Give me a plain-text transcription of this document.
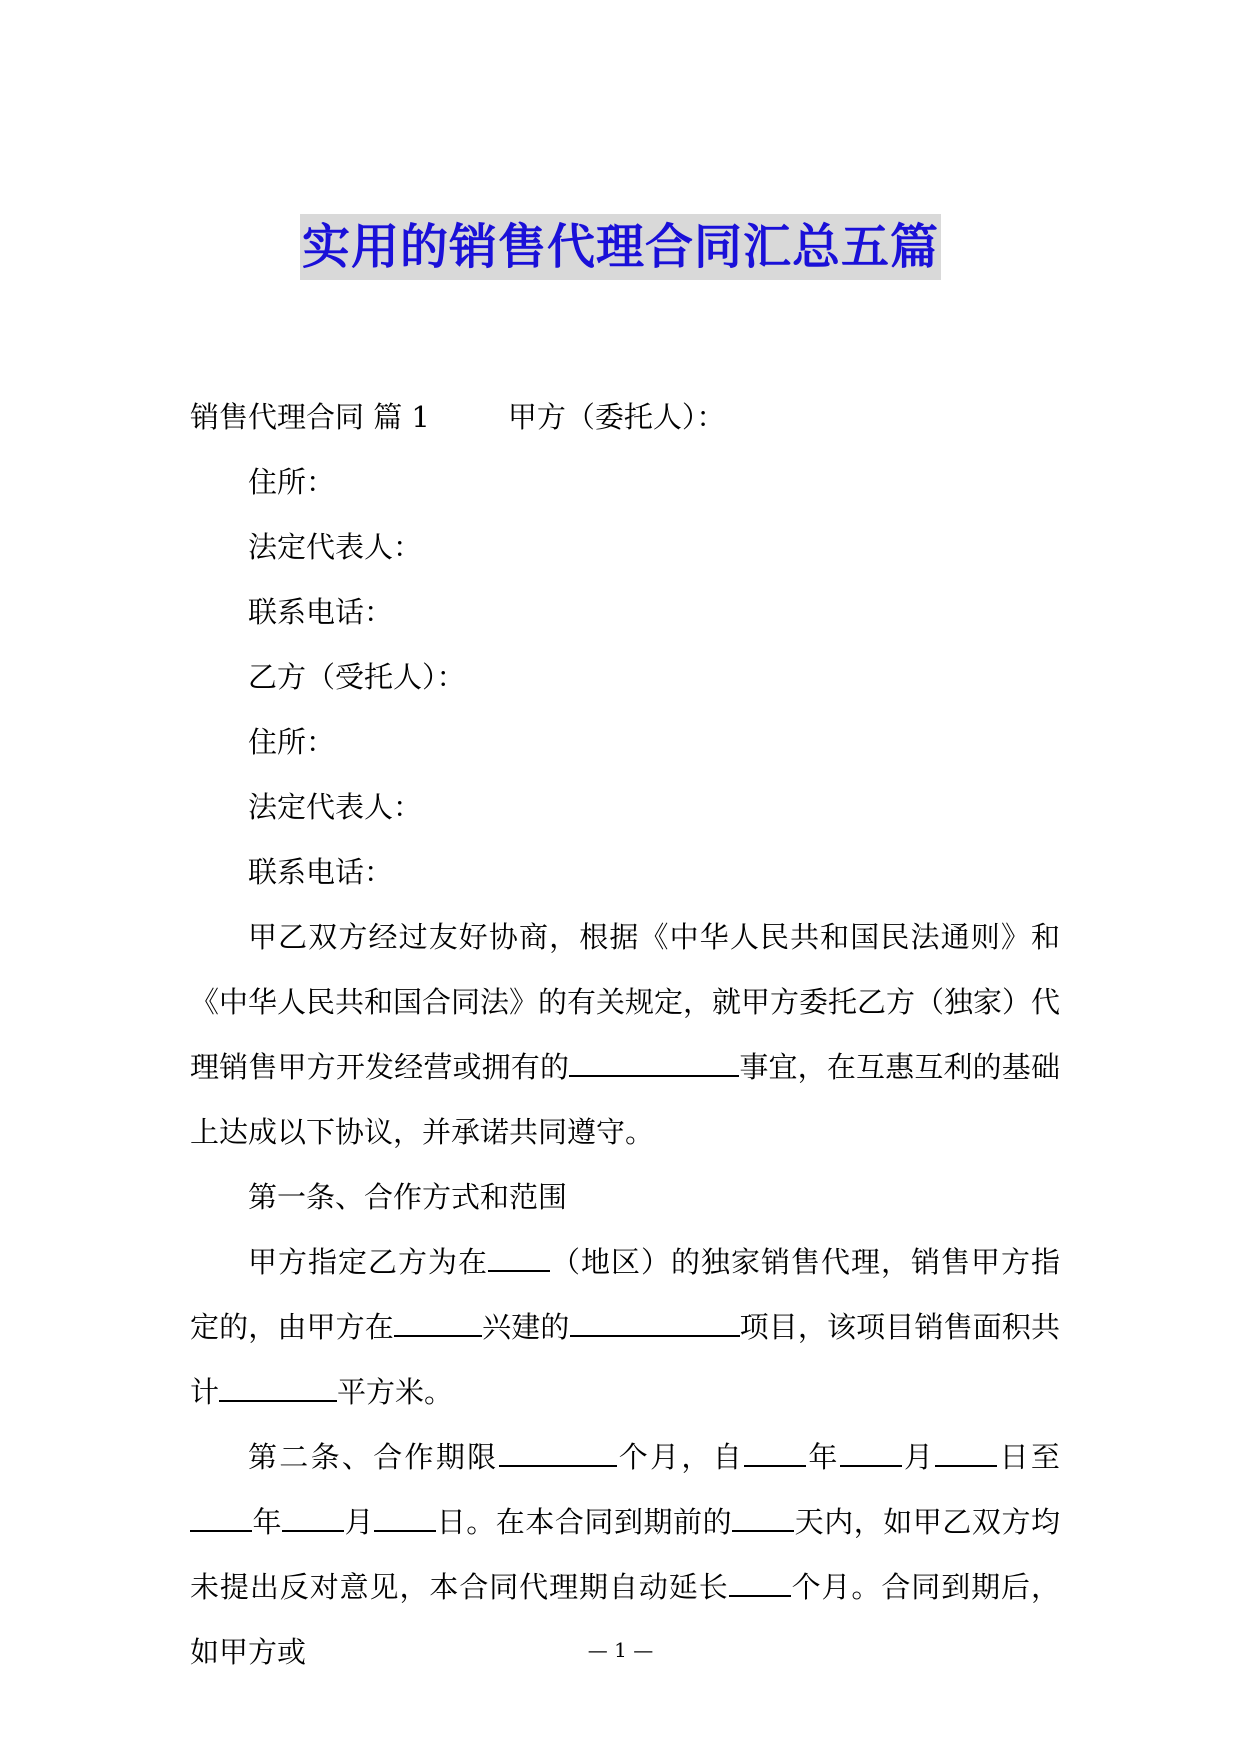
实用的销售代理合同汇总五篇

销售代理合同 篇 1	甲方（委托人）：

住所：

法定代表人：

联系电话：

乙方（受托人）：

住所：

法定代表人：

联系电话：

甲乙双方经过友好协商，根据《中华人民共和国民法通则》和《中华人民共和国合同法》的有关规定，就甲方委托乙方（独家）代理销售甲方开发经营或拥有的	事宜，在互惠互利的基础上达成以下协议，并承诺共同遵守。

第一条、合作方式和范围

甲方指定乙方为在 （地区）的独家销售代理，销售甲方指定的，由甲方在	兴建的	项目，该项目销售面积共计	平方米。

第二条、合作期限	个月，自 年 月 日至年 月 日。在本合同到期前的 天内，如甲乙双方均未提出反对意见，本合同代理期自动延长 个月。合同到期后，如甲方或	— 1 —
